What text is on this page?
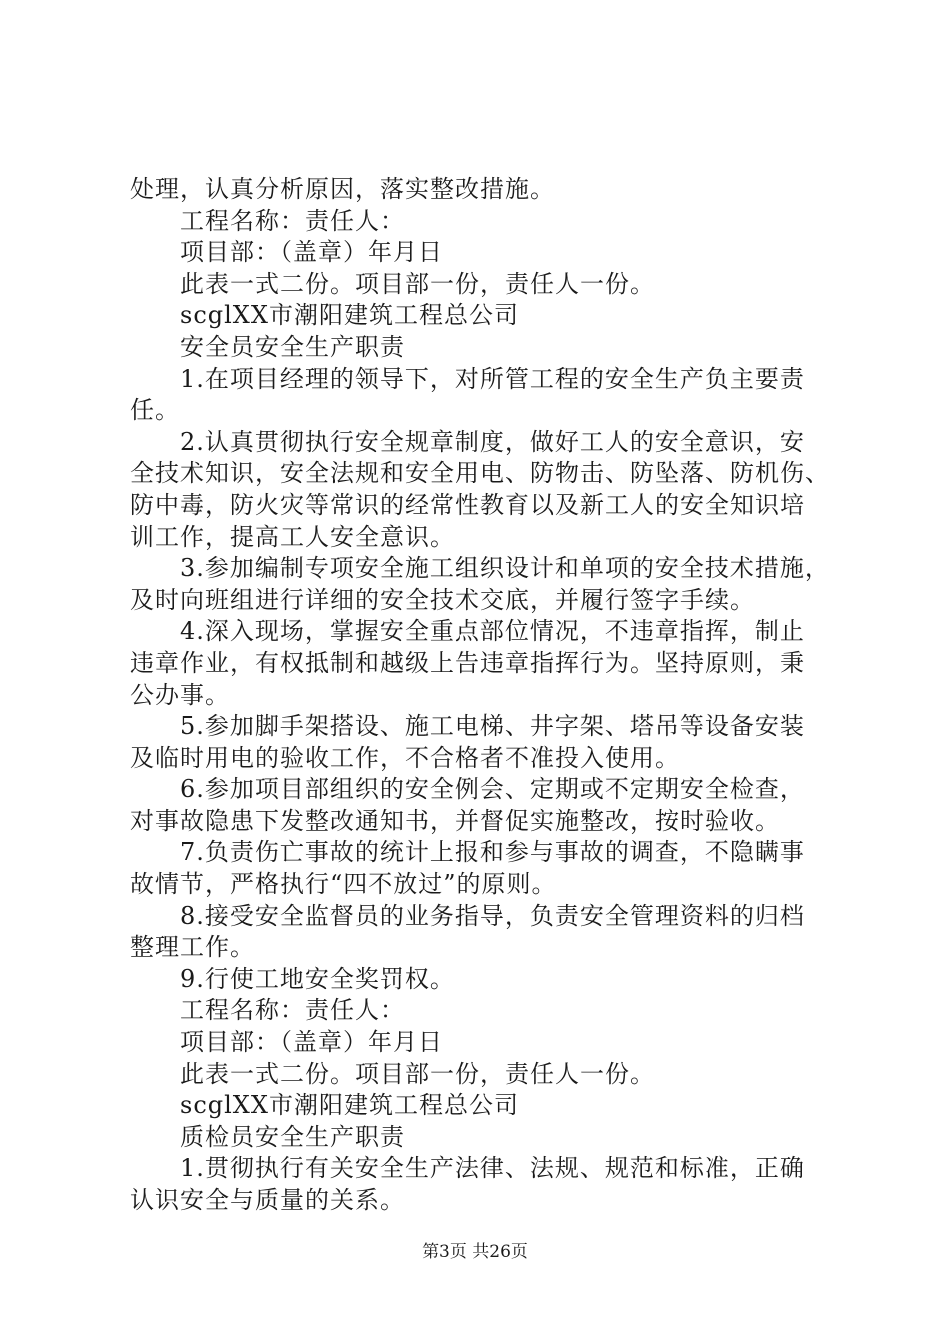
处理，认真分析原因，落实整改措施。
工程名称：责任人：
项目部：（盖章）年月日
此表一式二份。项目部一份，责任人一份。
scglXX市潮阳建筑工程总公司
安全员安全生产职责
1.在项目经理的领导下，对所管工程的安全生产负主要责
任。
2.认真贯彻执行安全规章制度，做好工人的安全意识，安
全技术知识，安全法规和安全用电、防物击、防坠落、防机伤、
防中毒，防火灾等常识的经常性教育以及新工人的安全知识培
训工作，提高工人安全意识。
3.参加编制专项安全施工组织设计和单项的安全技术措施，
及时向班组进行详细的安全技术交底，并履行签字手续。
4.深入现场，掌握安全重点部位情况，不违章指挥，制止
违章作业，有权抵制和越级上告违章指挥行为。坚持原则，秉
公办事。
5.参加脚手架搭设、施工电梯、井字架、塔吊等设备安装
及临时用电的验收工作，不合格者不准投入使用。
6.参加项目部组织的安全例会、定期或不定期安全检查，
对事故隐患下发整改通知书，并督促实施整改，按时验收。
7.负责伤亡事故的统计上报和参与事故的调查，不隐瞒事
故情节，严格执行“四不放过”的原则。
8.接受安全监督员的业务指导，负责安全管理资料的归档
整理工作。
9.行使工地安全奖罚权。
工程名称：责任人：
项目部：（盖章）年月日
此表一式二份。项目部一份，责任人一份。
scglXX市潮阳建筑工程总公司
质检员安全生产职责
1.贯彻执行有关安全生产法律、法规、规范和标准，正确
认识安全与质量的关系。
第3页 共26页
